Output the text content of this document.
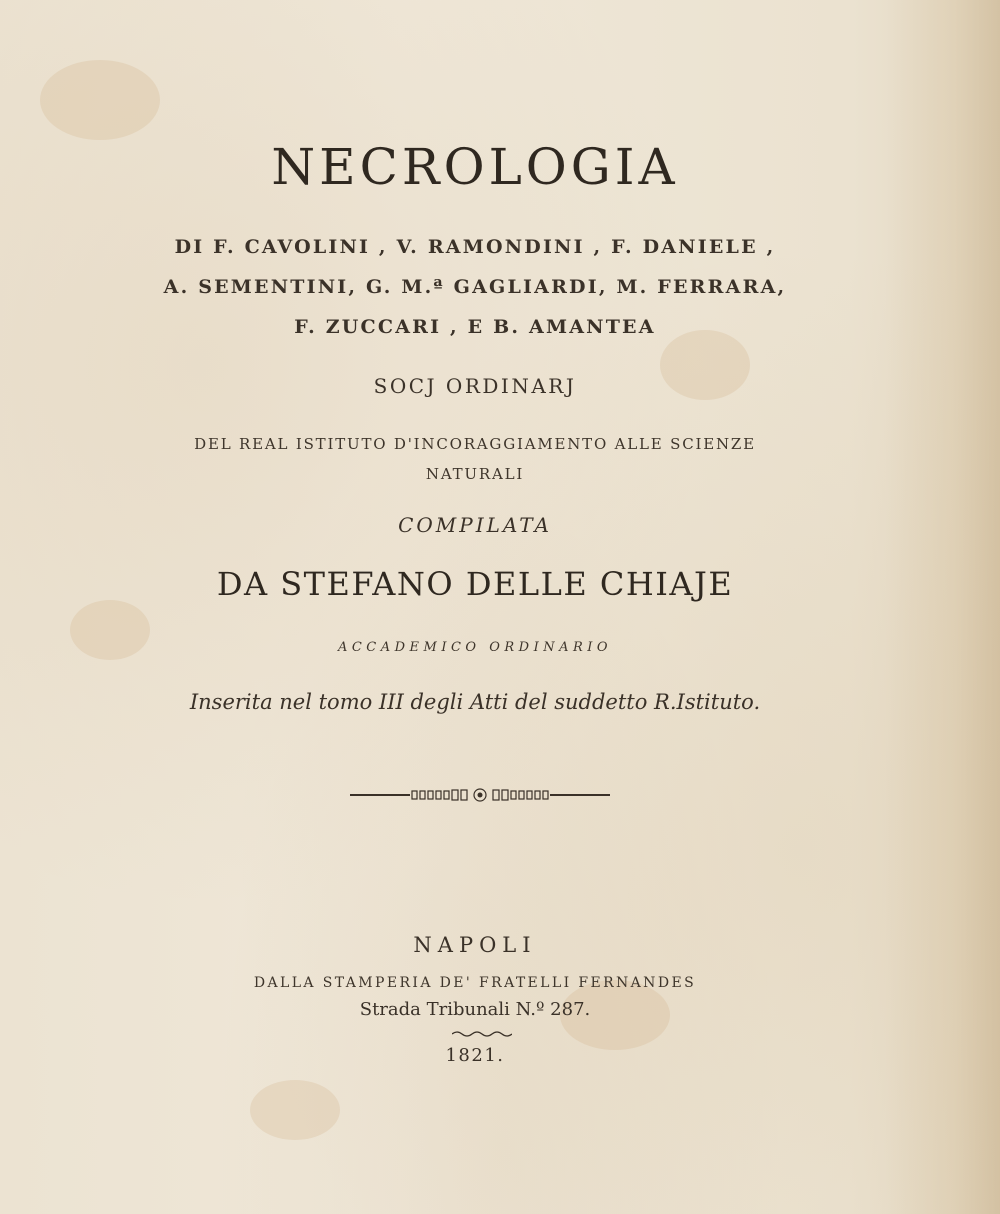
NECROLOGIA
DI F. CAVOLINI , V. RAMONDINI , F. DANIELE ,
A. SEMENTINI, G. M.ª GAGLIARDI, M. FERRARA,
F. ZUCCARI , E B. AMANTEA
SOCJ ORDINARJ
DEL REAL ISTITUTO D'INCORAGGIAMENTO ALLE SCIENZE
NATURALI
COMPILATA
DA STEFANO DELLE CHIAJE
ACCADEMICO ORDINARIO
Inserita nel tomo III degli Atti del suddetto R.Istituto.
NAPOLI
DALLA STAMPERIA DE' FRATELLI FERNANDES
Strada Tribunali N.º 287.
1821.
